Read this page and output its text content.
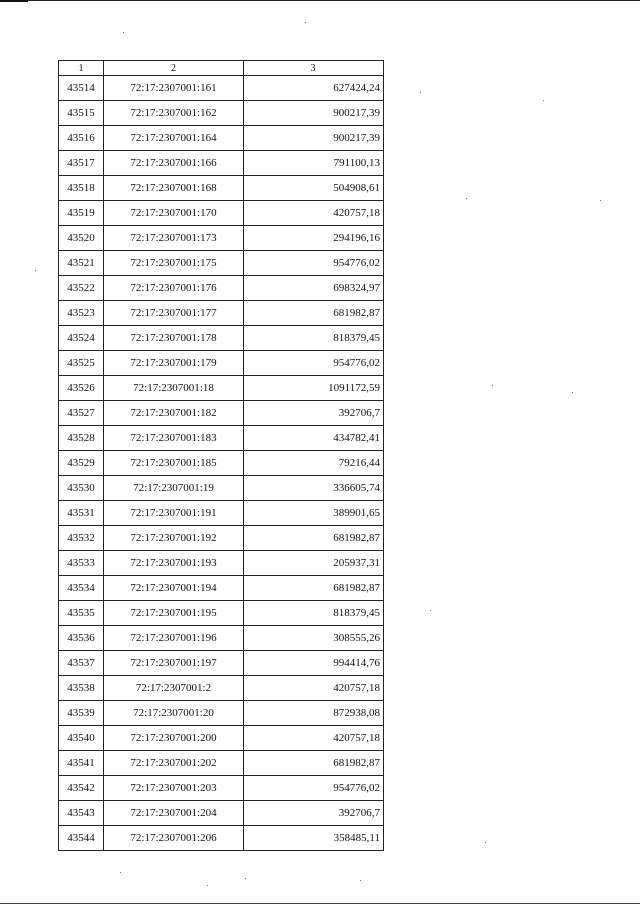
1	2	3
43514	72:17:2307001:161	627424,24
43515	72:17:2307001:162	900217,39
43516	72:17:2307001:164	900217,39
43517	72:17:2307001:166	791100,13
43518	72:17:2307001:168	504908,61
43519	72:17:2307001:170	420757,18
43520	72:17:2307001:173	294196,16
43521	72:17:2307001:175	954776,02
43522	72:17:2307001:176	698324,97
43523	72:17:2307001:177	681982,87
43524	72:17:2307001:178	818379,45
43525	72:17:2307001:179	954776,02
43526	72:17:2307001:18	1091172,59
43527	72:17:2307001:182	392706,7
43528	72:17:2307001:183	434782,41
43529	72:17:2307001:185	79216,44
43530	72:17:2307001:19	336605,74
43531	72:17:2307001:191	389901,65
43532	72:17:2307001:192	681982,87
43533	72:17:2307001:193	205937,31
43534	72:17:2307001:194	681982,87
43535	72:17:2307001:195	818379,45
43536	72:17:2307001:196	308555,26
43537	72:17:2307001:197	994414,76
43538	72:17:2307001:2	420757,18
43539	72:17:2307001:20	872938,08
43540	72:17:2307001:200	420757,18
43541	72:17:2307001:202	681982,87
43542	72:17:2307001:203	954776,02
43543	72:17:2307001:204	392706,7
43544	72:17:2307001:206	358485,11
